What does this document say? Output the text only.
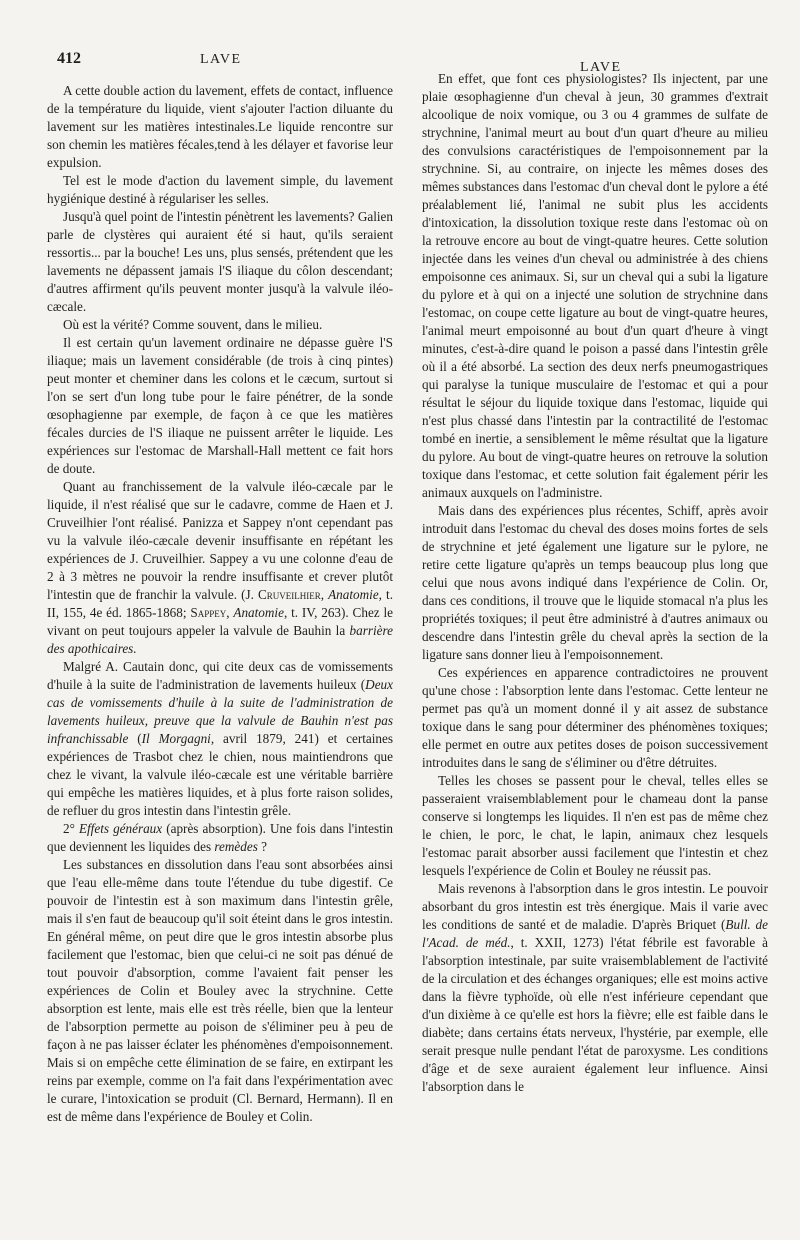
412	LAVE
LAVE

A cette double action du lavement, effets de contact, influence de la température du liquide, vient s'ajouter l'action diluante du lavement sur les matières intestinales.Le liquide rencontre sur son chemin les matières fécales,tend à les délayer et favorise leur expulsion.

Tel est le mode d'action du lavement simple, du lavement hygiénique destiné à régulariser les selles.

Jusqu'à quel point de l'intestin pénètrent les lavements? Galien parle de clystères qui auraient été si haut, qu'ils seraient ressortis... par la bouche! Les uns, plus sensés, prétendent que les lavements ne dépassent jamais l'S iliaque du côlon descendant; d'autres affirment qu'ils peuvent monter jusqu'à la valvule iléo-cæcale.

Où est la vérité? Comme souvent, dans le milieu.

Il est certain qu'un lavement ordinaire ne dépasse guère l'S iliaque; mais un lavement considérable (de trois à cinq pintes) peut monter et cheminer dans les colons et le cæcum, surtout si l'on se sert d'un long tube pour le faire pénétrer, de la sonde œsophagienne par exemple, de façon à ce que les matières fécales durcies de l'S iliaque ne puissent arrêter le liquide. Les expériences sur l'estomac de Marshall-Hall mettent ce fait hors de doute.

Quant au franchissement de la valvule iléo-cæcale par le liquide, il n'est réalisé que sur le cadavre, comme de Haen et J. Cruveilhier l'ont réalisé. Panizza et Sappey n'ont cependant pas vu la valvule iléo-cæcale devenir insuffisante en répétant les expériences de J. Cruveilhier. Sappey a vu une colonne d'eau de 2 à 3 mètres ne pouvoir la rendre insuffisante et crever plutôt l'intestin que de franchir la valvule. (J. Cruveilhier, Anatomie, t. II, 155, 4e éd. 1865-1868; Sappey, Anatomie, t. IV, 263). Chez le vivant on peut toujours appeler la valvule de Bauhin la barrière des apothicaires.

Malgré A. Cautain donc, qui cite deux cas de vomissements d'huile à la suite de l'administration de lavements huileux (Deux cas de vomissements d'huile à la suite de l'administration de lavements huileux, preuve que la valvule de Bauhin n'est pas infranchissable (Il Morgagni, avril 1879, 241) et certaines expériences de Trasbot chez le chien, nous maintiendrons que chez le vivant, la valvule iléo-cæcale est une véritable barrière qui empêche les matières liquides, et à plus forte raison solides, de refluer du gros intestin dans l'intestin grêle.

2° Effets généraux (après absorption). Une fois dans l'intestin que deviennent les liquides des remèdes ?

Les substances en dissolution dans l'eau sont absorbées ainsi que l'eau elle-même dans toute l'étendue du tube digestif. Ce pouvoir de l'intestin est à son maximum dans l'intestin grêle, mais il s'en faut de beaucoup qu'il soit éteint dans le gros intestin. En général même, on peut dire que le gros intestin absorbe plus facilement que l'estomac, bien que celui-ci ne soit pas dénué de tout pouvoir d'absorption, comme l'avaient fait penser les expériences de Colin et Bouley avec la strychnine. Cette absorption est lente, mais elle est très réelle, bien que la lenteur de l'absorption permette au poison de s'éliminer peu à peu de façon à ne pas laisser éclater les phénomènes d'empoisonnement. Mais si on empêche cette élimination de se faire, en extirpant les reins par exemple, comme on l'a fait dans l'expérimentation avec le curare, l'intoxication se produit (Cl. Bernard, Hermann). Il en est de même dans l'expérience de Bouley et Colin.

En effet, que font ces physiologistes? Ils injectent, par une plaie œsophagienne d'un cheval à jeun, 30 grammes d'extrait alcoolique de noix vomique, ou 3 ou 4 grammes de sulfate de strychnine, l'animal meurt au bout d'un quart d'heure au milieu des convulsions caractéristiques de l'empoisonnement par la strychnine. Si, au contraire, on injecte les mêmes doses des mêmes substances dans l'estomac d'un cheval dont le pylore a été préalablement lié, l'animal ne subit plus les accidents d'intoxication, la dissolution toxique reste dans l'estomac où on la retrouve encore au bout de vingt-quatre heures. Cette solution injectée dans les veines d'un cheval ou administrée à des chiens empoisonne ces animaux. Si, sur un cheval qui a subi la ligature du pylore et à qui on a injecté une solution de strychnine dans l'estomac, on coupe cette ligature au bout de vingt-quatre heures, l'animal meurt empoisonné au bout d'un quart d'heure à vingt minutes, c'est-à-dire quand le poison a passé dans l'intestin grêle où il a été absorbé. La section des deux nerfs pneumogastriques qui paralyse la tunique musculaire de l'estomac et qui a pour résultat le séjour du liquide toxique dans l'estomac, liquide qui n'est plus chassé dans l'intestin par la contractilité de l'estomac tombé en inertie, a sensiblement le même résultat que la ligature du pylore. Au bout de vingt-quatre heures on retrouve la solution toxique dans l'estomac, et cette solution fait également périr les animaux auxquels on l'administre.

Mais dans des expériences plus récentes, Schiff, après avoir introduit dans l'estomac du cheval des doses moins fortes de sels de strychnine et jeté également une ligature sur le pylore, ne retire cette ligature qu'après un temps beaucoup plus long que celui que nous avons indiqué dans l'expérience de Colin. Or, dans ces conditions, il trouve que le liquide stomacal n'a plus les propriétés toxiques; il peut être administré à d'autres animaux ou descendre dans l'intestin grêle du cheval après la section de la ligature sans donner lieu à l'empoisonnement.

Ces expériences en apparence contradictoires ne prouvent qu'une chose : l'absorption lente dans l'estomac. Cette lenteur ne permet pas qu'à un moment donné il y ait assez de substance toxique dans le sang pour déterminer des phénomènes toxiques; elle permet en outre aux petites doses de poison successivement introduites dans le sang de s'éliminer ou d'être détruites.

Telles les choses se passent pour le cheval, telles elles se passeraient vraisemblablement pour le chameau dont la panse conserve si longtemps les liquides. Il n'en est pas de même chez le chien, le porc, le chat, le lapin, animaux chez lesquels l'estomac parait absorber aussi facilement que l'intestin et chez lesquels l'expérience de Colin et Bouley ne réussit pas.

Mais revenons à l'absorption dans le gros intestin. Le pouvoir absorbant du gros intestin est très énergique. Mais il varie avec les conditions de santé et de maladie. D'après Briquet (Bull. de l'Acad. de méd., t. XXII, 1273) l'état fébrile est favorable à l'absorption intestinale, par suite vraisemblablement de l'activité de la circulation et des échanges organiques; elle est moins active dans la fièvre typhoïde, où elle n'est inférieure cependant que d'un dixième à ce qu'elle est hors la fièvre; elle est faible dans le diabète; dans certains états nerveux, l'hystérie, par exemple, elle serait presque nulle pendant l'état de paroxysme. Les conditions d'âge et de sexe auraient également leur influence. Ainsi l'absorption dans le
